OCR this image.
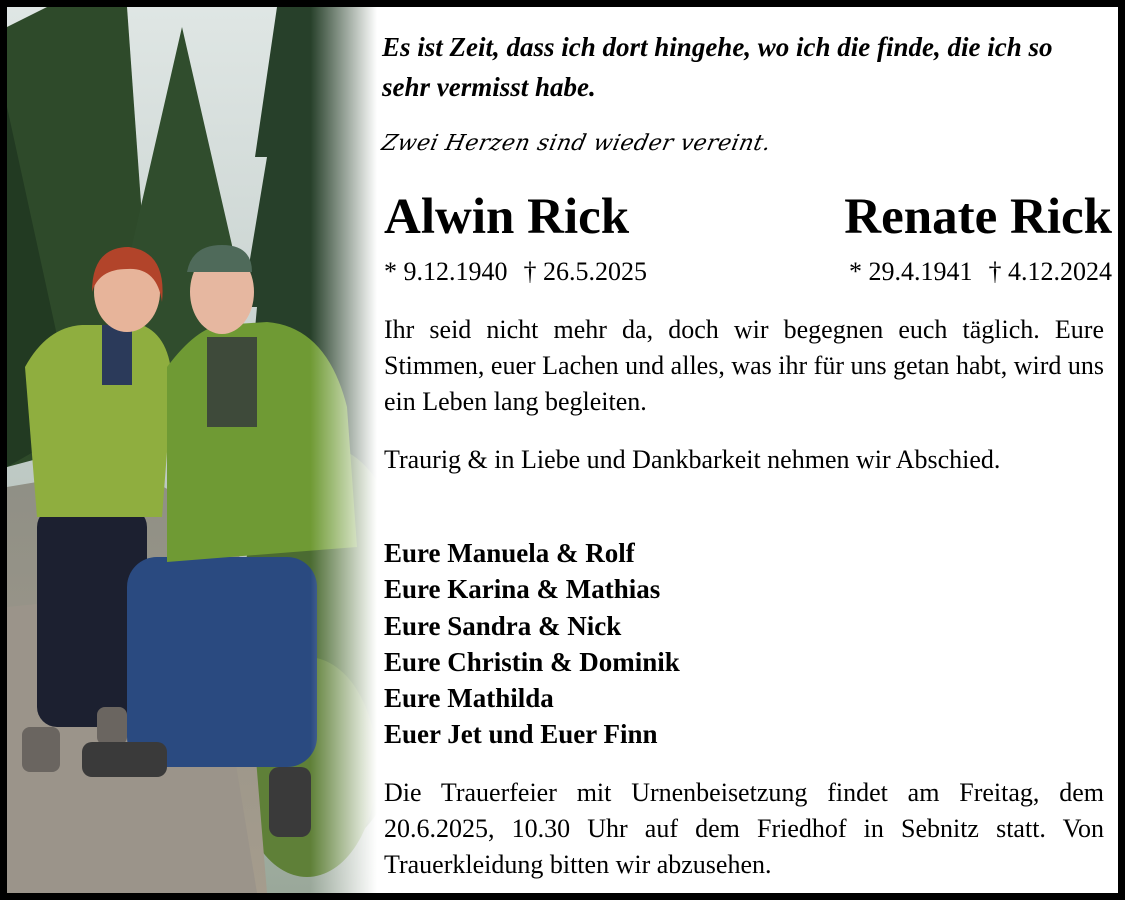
Es ist Zeit, dass ich dort hingehe, wo ich die finde, die ich so sehr vermisst habe.
Zwei Herzen sind wieder vereint.
Alwin Rick	Renate Rick
* 9.12.1940 † 26.5.2025	* 29.4.1941 † 4.12.2024
Ihr seid nicht mehr da, doch wir begegnen euch täglich. Eure Stimmen, euer Lachen und alles, was ihr für uns getan habt, wird uns ein Leben lang begleiten.
Traurig & in Liebe und Dankbarkeit nehmen wir Abschied.
Eure Manuela & Rolf
Eure Karina & Mathias
Eure Sandra & Nick
Eure Christin & Dominik
Eure Mathilda
Euer Jet und Euer Finn
Die Trauerfeier mit Urnenbeisetzung findet am Freitag, dem 20.6.2025, 10.30 Uhr auf dem Friedhof in Sebnitz statt. Von Trauerkleidung bitten wir abzusehen.
